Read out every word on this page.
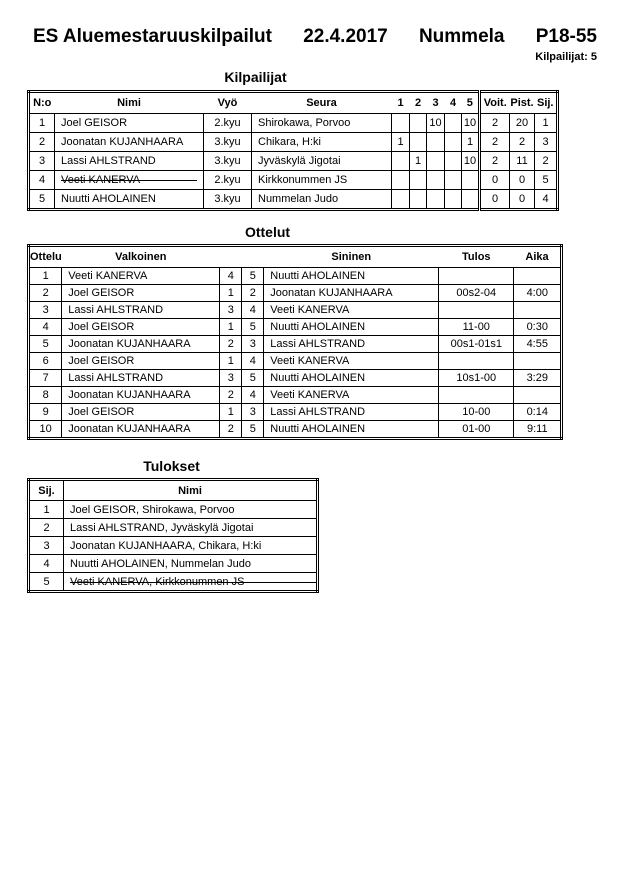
ES Aluemestaruuskilpailut 22.4.2017 Nummela P18-55
Kilpailijat: 5
Kilpailijat
N:o	Nimi	Vyö	Seura	1	2	3	4	5	Voit.	Pist.	Sij.
1	Joel GEISOR	2.kyu	Shirokawa, Porvoo			10		10	2	20	1
2	Joonatan KUJANHAARA	3.kyu	Chikara, H:ki	1				1	2	2	3
3	Lassi AHLSTRAND	3.kyu	Jyväskylä Jigotai		1			10	2	11	2
4	Veeti KANERVA	2.kyu	Kirkkonummen JS						0	0	5
5	Nuutti AHOLAINEN	3.kyu	Nummelan Judo						0	0	4
Ottelut
Ottelu	Valkoinen			Sininen	Tulos	Aika
1	Veeti KANERVA	4	5	Nuutti AHOLAINEN		
2	Joel GEISOR	1	2	Joonatan KUJANHAARA	00s2-04	4:00
3	Lassi AHLSTRAND	3	4	Veeti KANERVA		
4	Joel GEISOR	1	5	Nuutti AHOLAINEN	11-00	0:30
5	Joonatan KUJANHAARA	2	3	Lassi AHLSTRAND	00s1-01s1	4:55
6	Joel GEISOR	1	4	Veeti KANERVA		
7	Lassi AHLSTRAND	3	5	Nuutti AHOLAINEN	10s1-00	3:29
8	Joonatan KUJANHAARA	2	4	Veeti KANERVA		
9	Joel GEISOR	1	3	Lassi AHLSTRAND	10-00	0:14
10	Joonatan KUJANHAARA	2	5	Nuutti AHOLAINEN	01-00	9:11
Tulokset
Sij.	Nimi
1	Joel GEISOR, Shirokawa, Porvoo
2	Lassi AHLSTRAND, Jyväskylä Jigotai
3	Joonatan KUJANHAARA, Chikara, H:ki
4	Nuutti AHOLAINEN, Nummelan Judo
5	Veeti KANERVA, Kirkkonummen JS
